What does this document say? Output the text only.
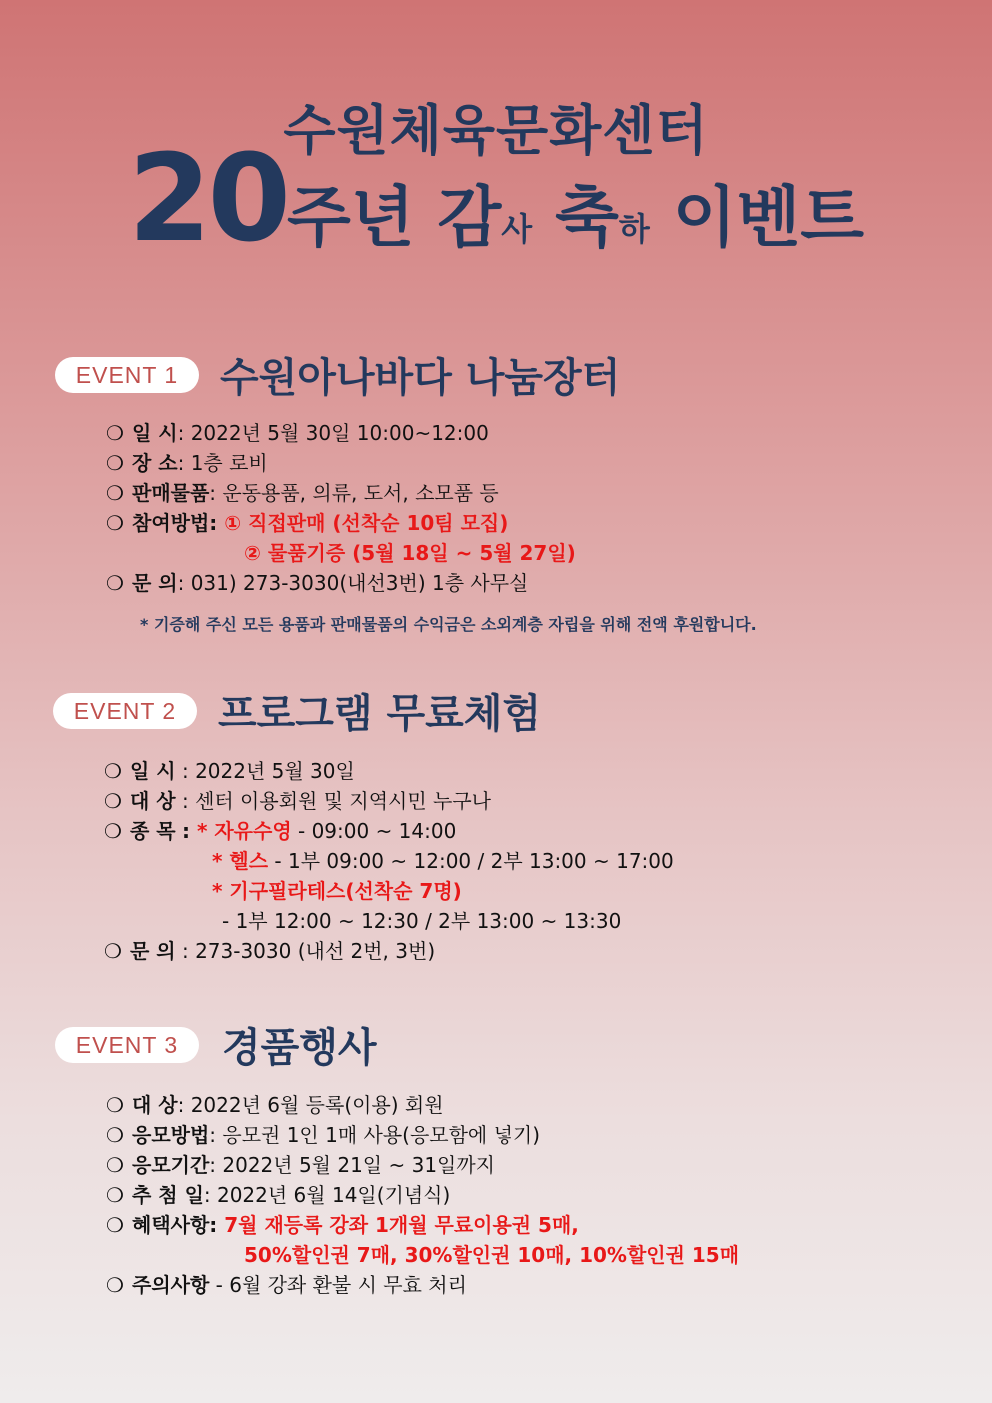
수원체육문화센터
20주년 감사 축하 이벤트
EVENT 1	수원아나바다 나눔장터
❍ 일 시: 2022년 5월 30일 10:00~12:00
❍ 장 소: 1층 로비
❍ 판매물품: 운동용품, 의류, 도서, 소모품 등
❍ 참여방법: ① 직접판매 (선착순 10팀 모집)
② 물품기증 (5월 18일 ~ 5월 27일)
❍ 문 의: 031) 273-3030(내선3번) 1층 사무실
* 기증해 주신 모든 용품과 판매물품의 수익금은 소외계층 자립을 위해 전액 후원합니다.
EVENT 2	프로그램 무료체험
❍ 일 시 : 2022년 5월 30일
❍ 대 상 : 센터 이용회원 및 지역시민 누구나
❍ 종 목 : * 자유수영 - 09:00 ~ 14:00
* 헬스 - 1부 09:00 ~ 12:00 / 2부 13:00 ~ 17:00
* 기구필라테스(선착순 7명)
- 1부 12:00 ~ 12:30 / 2부 13:00 ~ 13:30
❍ 문 의 : 273-3030 (내선 2번, 3번)
EVENT 3	경품행사
❍ 대 상: 2022년 6월 등록(이용) 회원
❍ 응모방법: 응모권 1인 1매 사용(응모함에 넣기)
❍ 응모기간: 2022년 5월 21일 ~ 31일까지
❍ 추 첨 일: 2022년 6월 14일(기념식)
❍ 혜택사항: 7월 재등록 강좌 1개월 무료이용권 5매,
50%할인권 7매, 30%할인권 10매, 10%할인권 15매
❍ 주의사항 - 6월 강좌 환불 시 무효 처리
